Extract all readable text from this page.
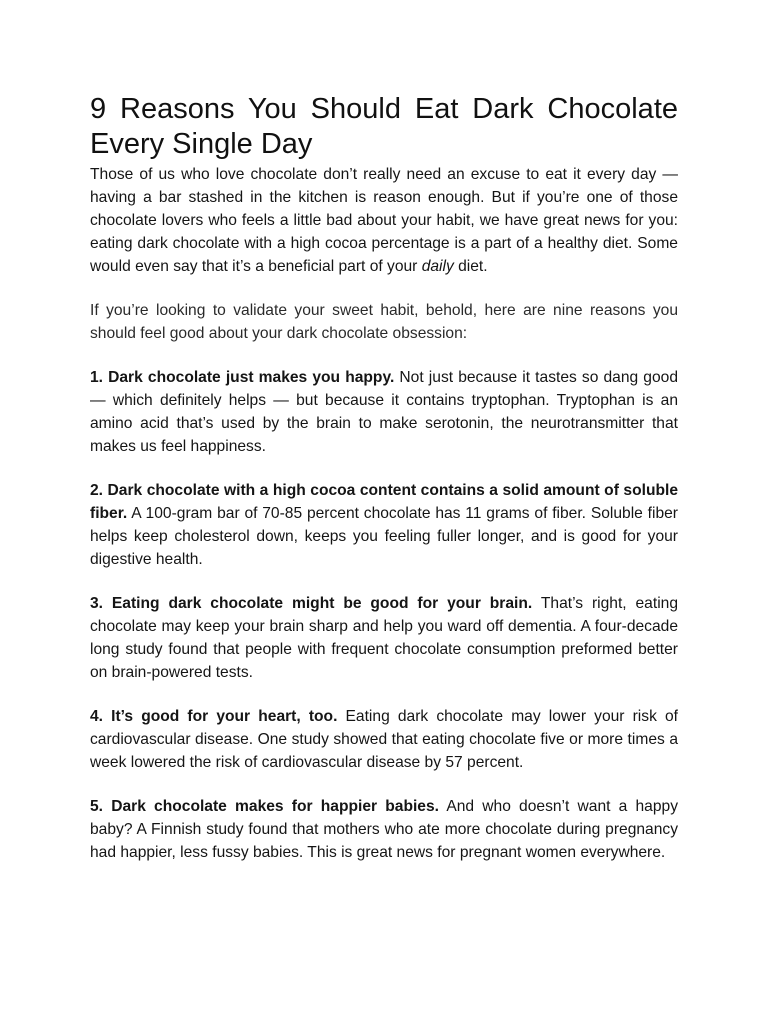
9 Reasons You Should Eat Dark Chocolate Every Single Day

Those of us who love chocolate don’t really need an excuse to eat it every day — having a bar stashed in the kitchen is reason enough. But if you’re one of those chocolate lovers who feels a little bad about your habit, we have great news for you: eating dark chocolate with a high cocoa percentage is a part of a healthy diet. Some would even say that it’s a beneficial part of your daily diet.

If you’re looking to validate your sweet habit, behold, here are nine reasons you should feel good about your dark chocolate obsession:

1. Dark chocolate just makes you happy. Not just because it tastes so dang good — which definitely helps — but because it contains tryptophan. Tryptophan is an amino acid that’s used by the brain to make serotonin, the neurotransmitter that makes us feel happiness.

2. Dark chocolate with a high cocoa content contains a solid amount of soluble fiber. A 100-gram bar of 70-85 percent chocolate has 11 grams of fiber. Soluble fiber helps keep cholesterol down, keeps you feeling fuller longer, and is good for your digestive health.

3. Eating dark chocolate might be good for your brain. That’s right, eating chocolate may keep your brain sharp and help you ward off dementia. A four-decade long study found that people with frequent chocolate consumption preformed better on brain-powered tests.

4. It’s good for your heart, too. Eating dark chocolate may lower your risk of cardiovascular disease. One study showed that eating chocolate five or more times a week lowered the risk of cardiovascular disease by 57 percent.

5. Dark chocolate makes for happier babies. And who doesn’t want a happy baby? A Finnish study found that mothers who ate more chocolate during pregnancy had happier, less fussy babies. This is great news for pregnant women everywhere.
